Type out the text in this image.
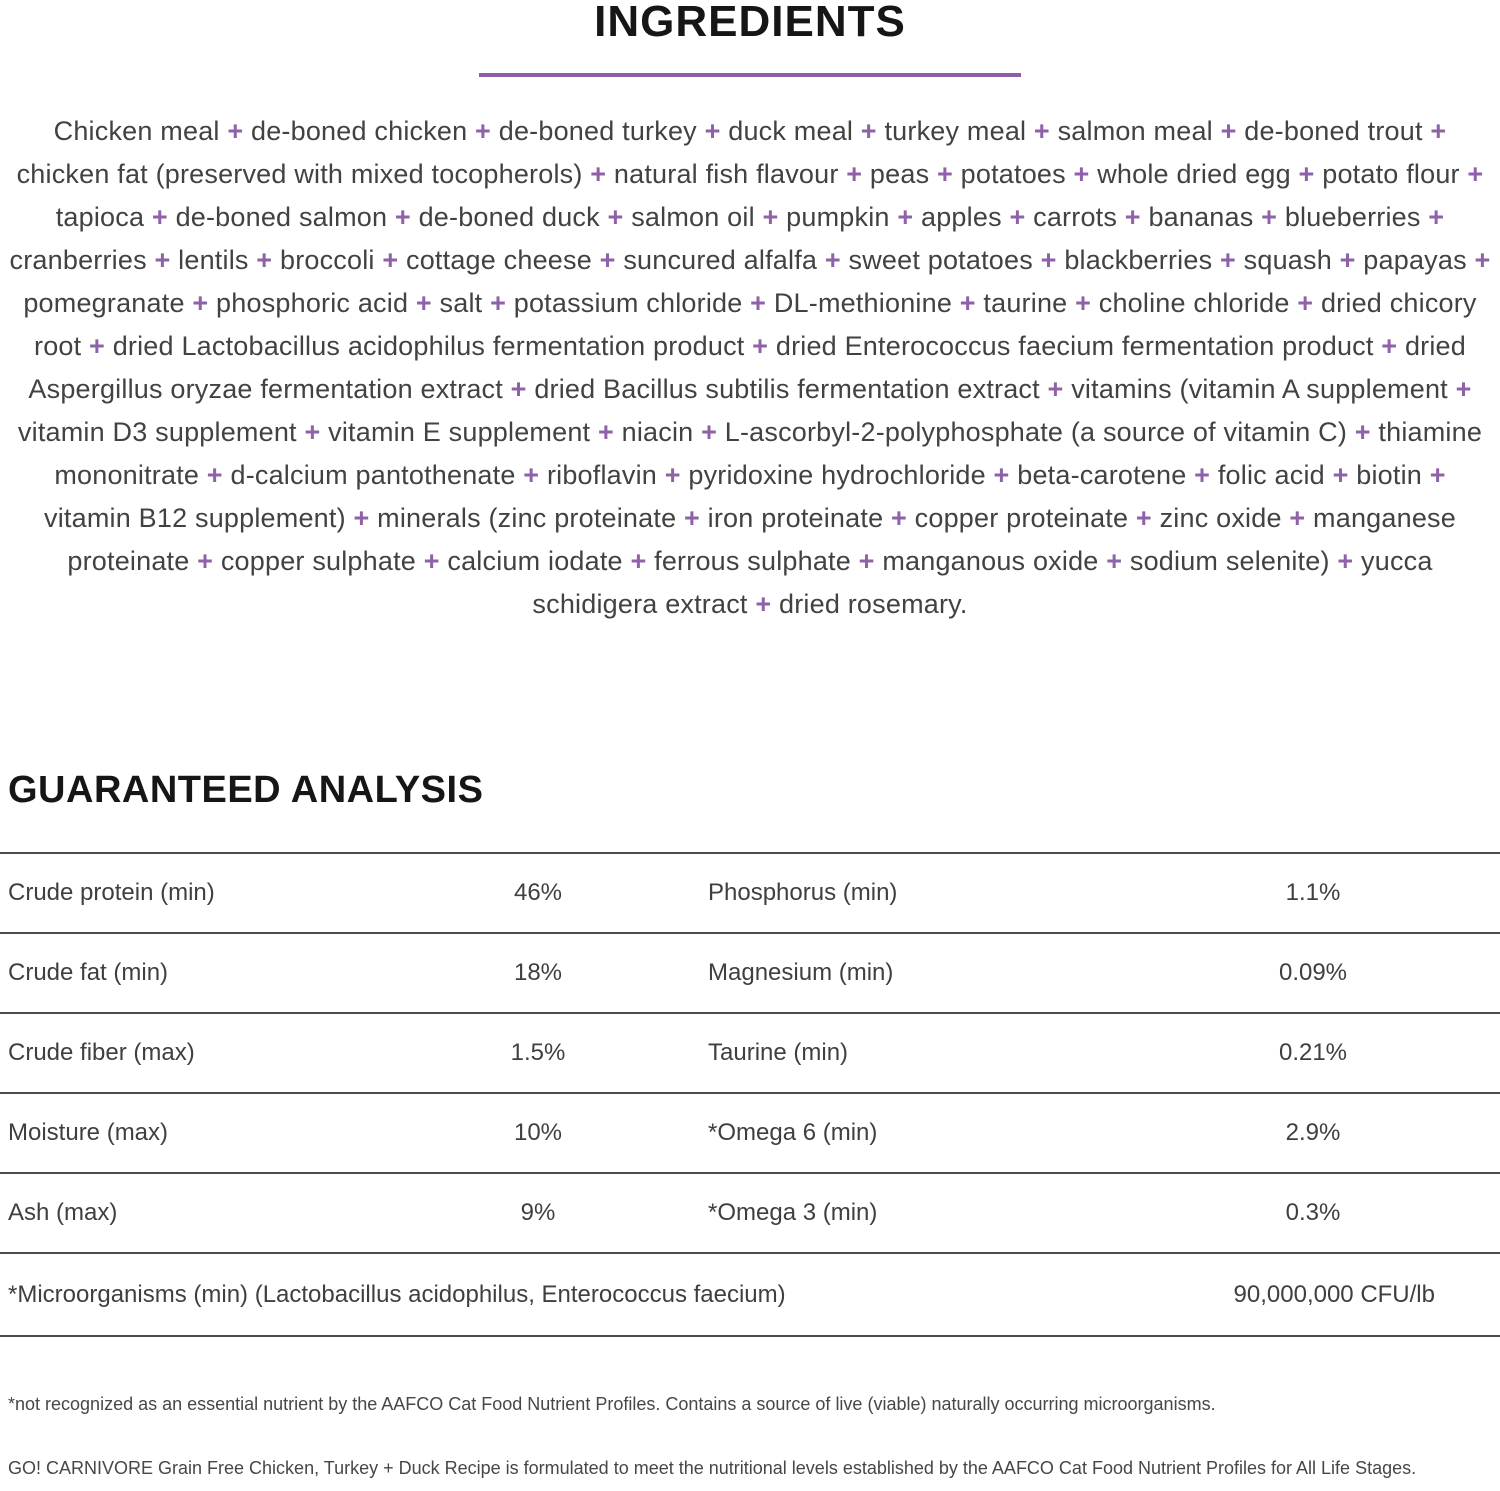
INGREDIENTS

Chicken meal + de-boned chicken + de-boned turkey + duck meal + turkey meal + salmon meal + de-boned trout + chicken fat (preserved with mixed tocopherols) + natural fish flavour + peas + potatoes + whole dried egg + potato flour + tapioca + de-boned salmon + de-boned duck + salmon oil + pumpkin + apples + carrots + bananas + blueberries + cranberries + lentils + broccoli + cottage cheese + suncured alfalfa + sweet potatoes + blackberries + squash + papayas + pomegranate + phosphoric acid + salt + potassium chloride + DL-methionine + taurine + choline chloride + dried chicory root + dried Lactobacillus acidophilus fermentation product + dried Enterococcus faecium fermentation product + dried Aspergillus oryzae fermentation extract + dried Bacillus subtilis fermentation extract + vitamins (vitamin A supplement + vitamin D3 supplement + vitamin E supplement + niacin + L-ascorbyl-2-polyphosphate (a source of vitamin C) + thiamine mononitrate + d-calcium pantothenate + riboflavin + pyridoxine hydrochloride + beta-carotene + folic acid + biotin + vitamin B12 supplement) + minerals (zinc proteinate + iron proteinate + copper proteinate + zinc oxide + manganese proteinate + copper sulphate + calcium iodate + ferrous sulphate + manganous oxide + sodium selenite) + yucca schidigera extract + dried rosemary.

GUARANTEED ANALYSIS
Crude protein (min)	46%	Phosphorus (min)	1.1%
Crude fat (min)	18%	Magnesium (min)	0.09%
Crude fiber (max)	1.5%	Taurine (min)	0.21%
Moisture (max)	10%	*Omega 6 (min)	2.9%
Ash (max)	9%	*Omega 3 (min)	0.3%
*Microorganisms (min) (Lactobacillus acidophilus, Enterococcus faecium)	90,000,000 CFU/lb

*not recognized as an essential nutrient by the AAFCO Cat Food Nutrient Profiles. Contains a source of live (viable) naturally occurring microorganisms.

GO! CARNIVORE Grain Free Chicken, Turkey + Duck Recipe is formulated to meet the nutritional levels established by the AAFCO Cat Food Nutrient Profiles for All Life Stages.
